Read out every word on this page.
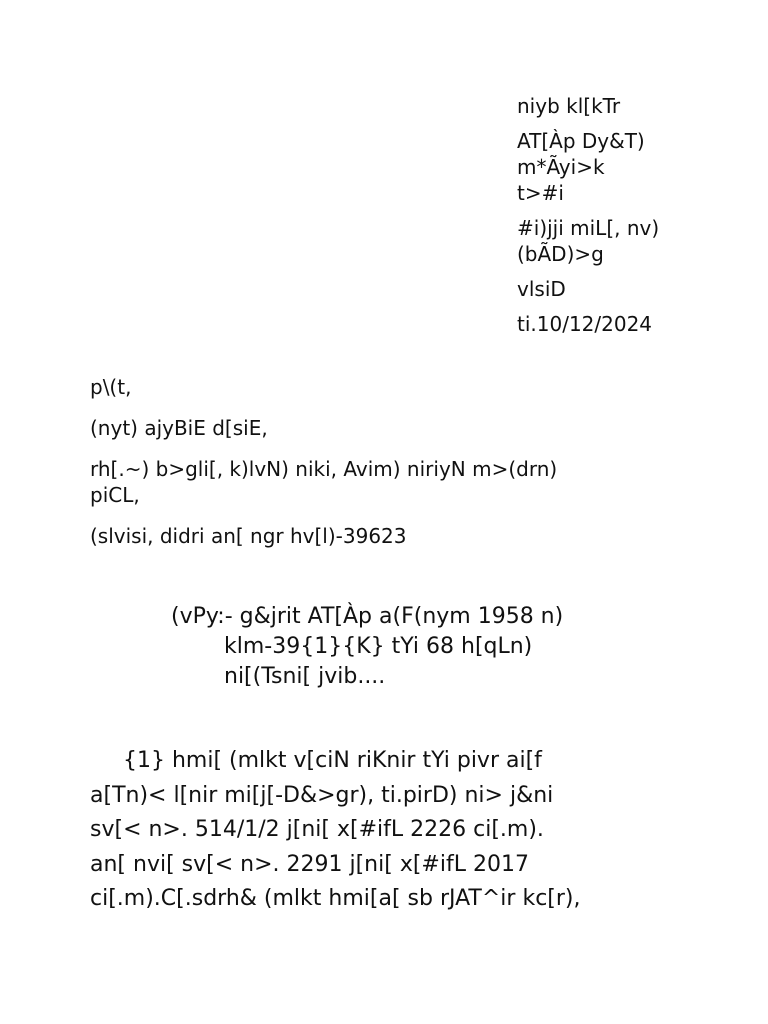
niyb kl[kTr
AT[Àp Dy&T)
m*Ãyi>k
t>#i
#i)jji miL[, nv)
(bÃD)>g
vlsiD
ti.10/12/2024
p\(t,
(nyt) ajyBiE d[siE,
rh[.~) b>gli[, k)lvN) niki, Avim) niriyN m>(drn)
piCL,
(slvisi, didri an[ ngr hv[l)-39623
(vPy:- g&jrit AT[Àp a(F(nym 1958 n)
klm-39{1}{K} tYi 68 h[qLn)
ni[(Tsni[ jvib....
{1} hmi[ (mlkt v[ciN riKnir tYi pivr ai[f
a[Tn)< l[nir mi[j[-D&>gr), ti.pirD) ni> j&ni
sv[< n>. 514/1/2 j[ni[ x[#ifL 2226 ci[.m).
an[ nvi[ sv[< n>. 2291 j[ni[ x[#ifL 2017
ci[.m).C[.sdrh& (mlkt hmi[a[ sb rJAT^ir kc[r),
